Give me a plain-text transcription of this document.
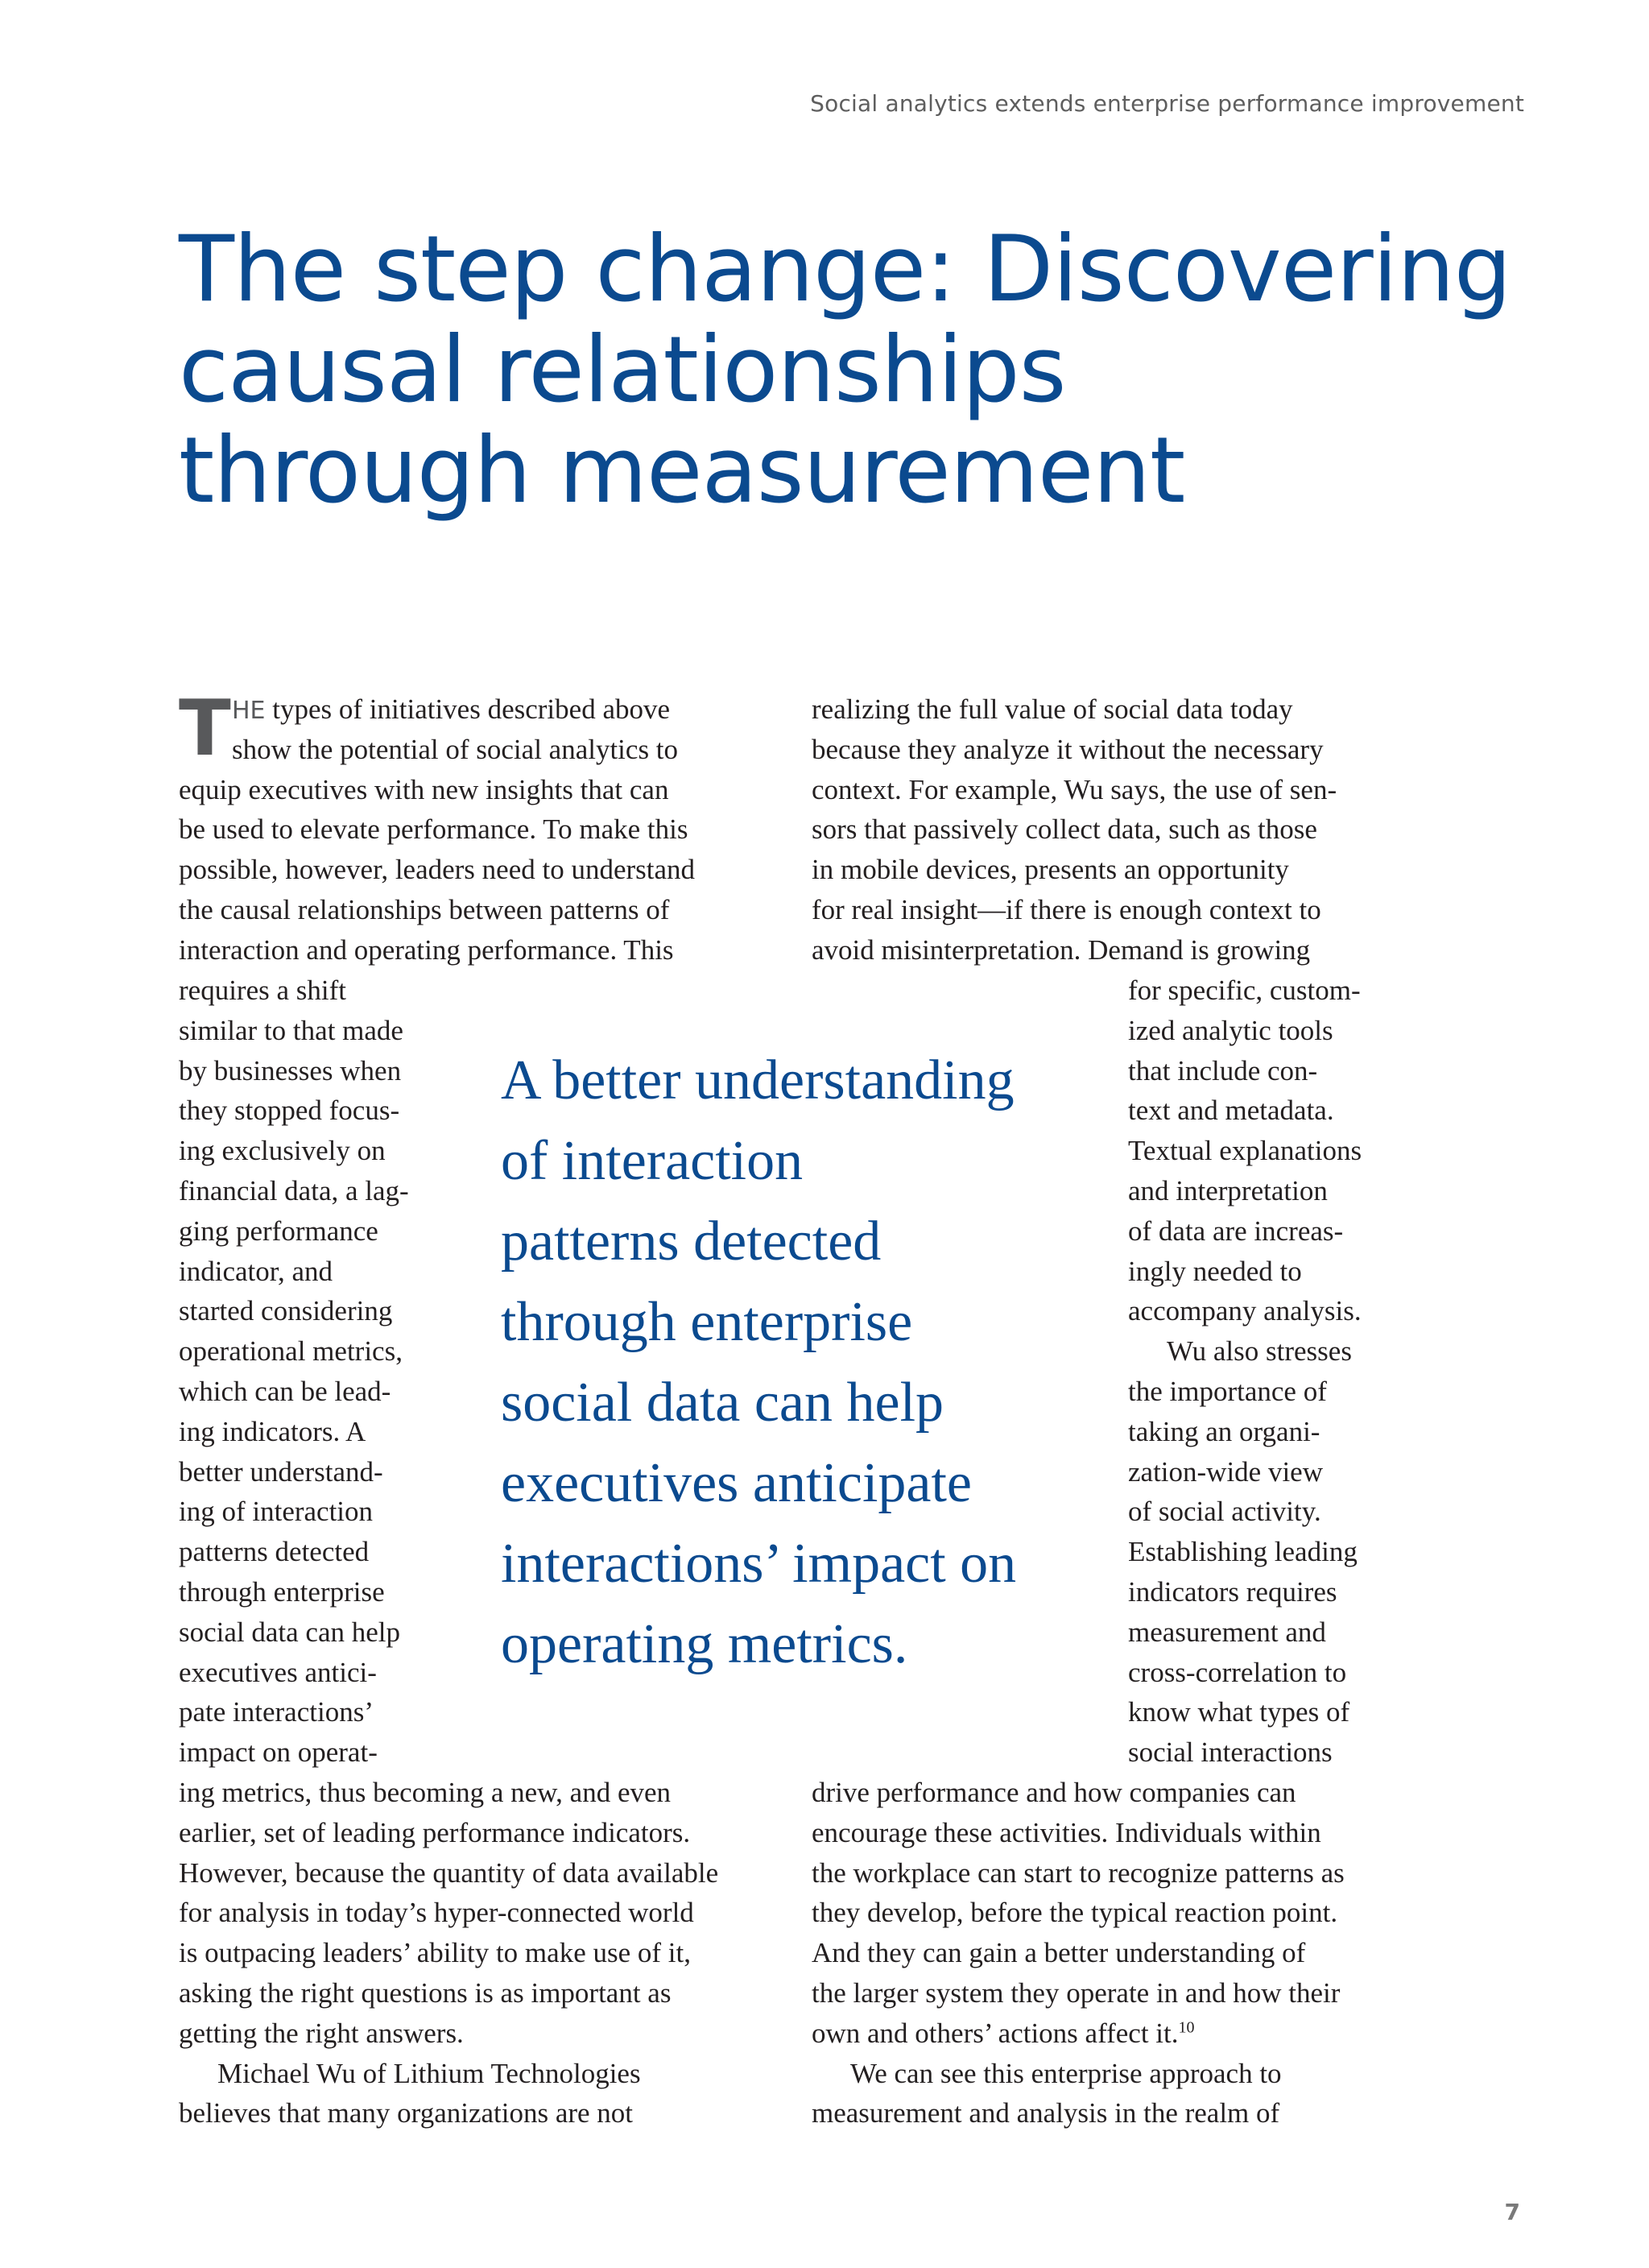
Social analytics extends enterprise performance improvement
The step change: Discovering
causal relationships
through measurement
T HE types of initiatives described above
show the potential of social analytics to
equip executives with new insights that can
be used to elevate performance. To make this
possible, however, leaders need to understand
the causal relationships between patterns of
interaction and operating performance. This
requires a shift
similar to that made
by businesses when
they stopped focus-
ing exclusively on
financial data, a lag-
ging performance
indicator, and
started considering
operational metrics,
which can be lead-
ing indicators. A
better understand-
ing of interaction
patterns detected
through enterprise
social data can help
executives antici-
pate interactions’
impact on operat-
ing metrics, thus becoming a new, and even
earlier, set of leading performance indicators.
However, because the quantity of data available
for analysis in today’s hyper-connected world
is outpacing leaders’ ability to make use of it,
asking the right questions is as important as
getting the right answers.
Michael Wu of Lithium Technologies
believes that many organizations are not
realizing the full value of social data today
because they analyze it without the necessary
context. For example, Wu says, the use of sen-
sors that passively collect data, such as those
in mobile devices, presents an opportunity
for real insight—if there is enough context to
avoid misinterpretation. Demand is growing
for specific, custom-
ized analytic tools
that include con-
text and metadata.
Textual explanations
and interpretation
of data are increas-
ingly needed to
accompany analysis.
Wu also stresses
the importance of
taking an organi-
zation-wide view
of social activity.
Establishing leading
indicators requires
measurement and
cross-correlation to
know what types of
social interactions
drive performance and how companies can
encourage these activities. Individuals within
the workplace can start to recognize patterns as
they develop, before the typical reaction point.
And they can gain a better understanding of
the larger system they operate in and how their
own and others’ actions affect it.$^{10}$
We can see this enterprise approach to
measurement and analysis in the realm of
A better understanding
of interaction
patterns detected
through enterprise
social data can help
executives anticipate
interactions’ impact on
operating metrics.
7
